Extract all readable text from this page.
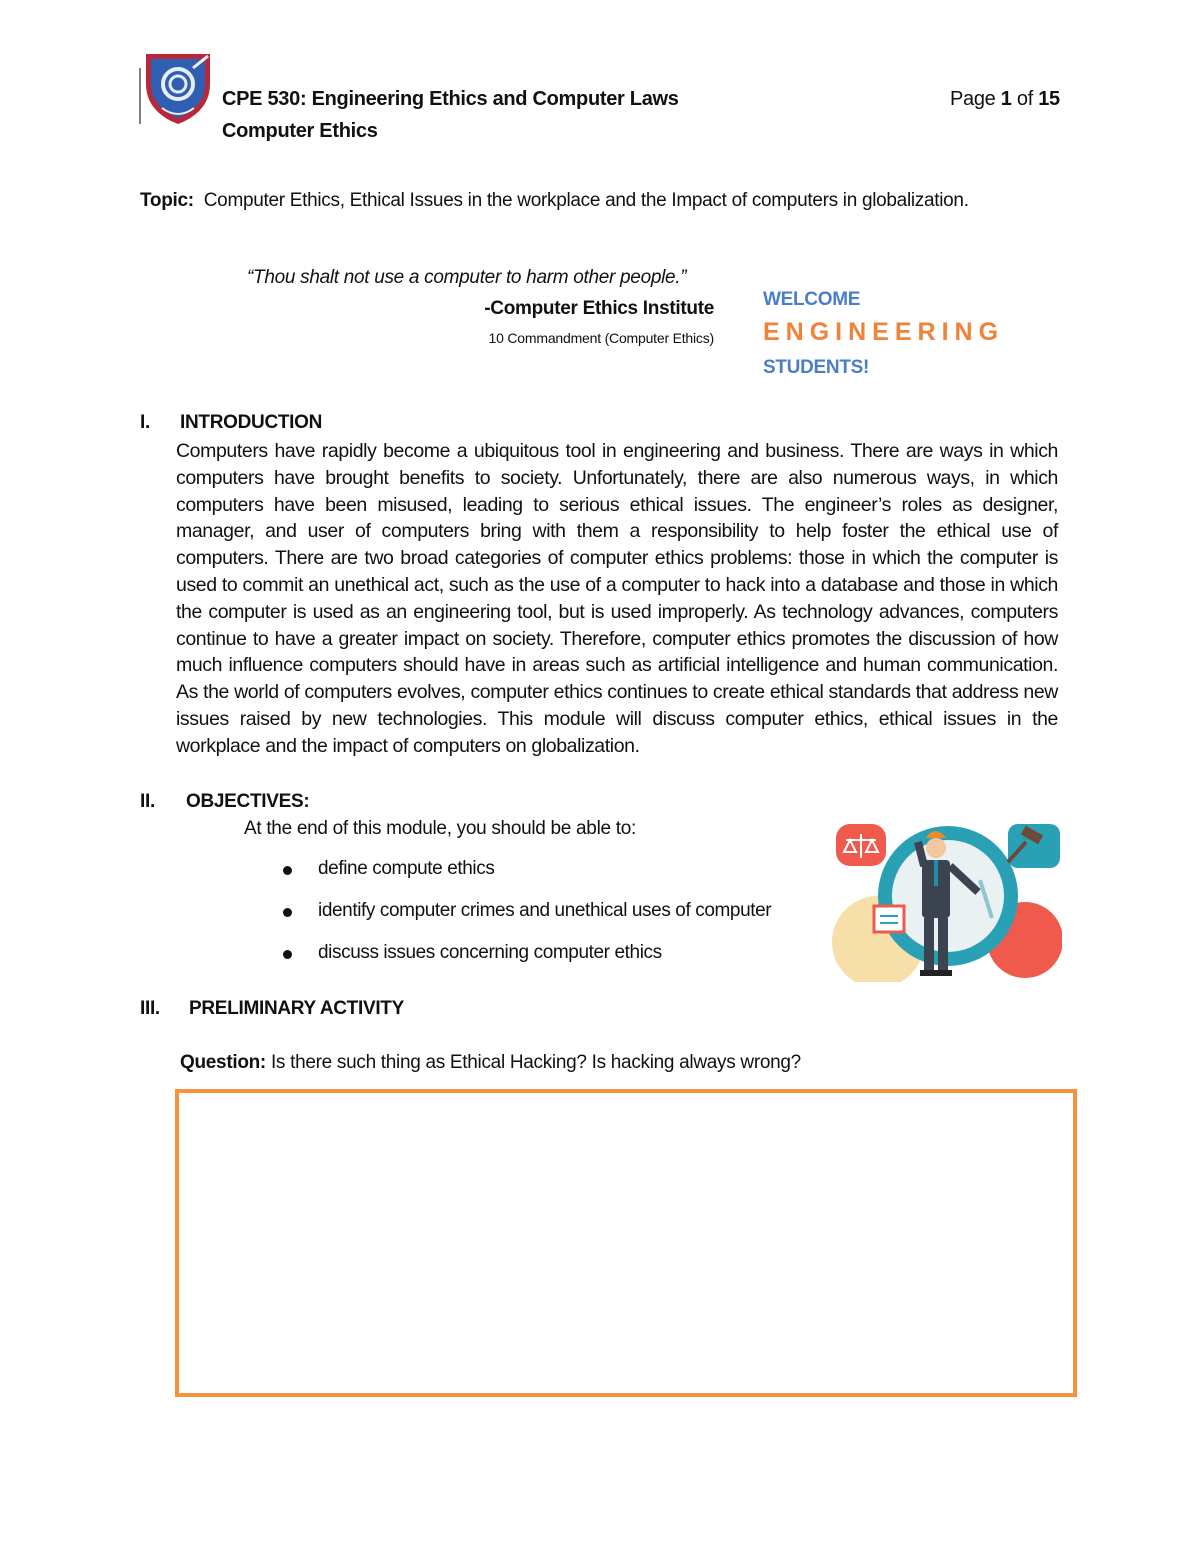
CPE 530: Engineering Ethics and Computer Laws
Computer Ethics
Page 1 of 15
Topic: Computer Ethics, Ethical Issues in the workplace and the Impact of computers in globalization.
“Thou shalt not use a computer to harm other people.”
-Computer Ethics Institute
10 Commandment (Computer Ethics)
WELCOME
ENGINEERING
STUDENTS!
I. INTRODUCTION
Computers have rapidly become a ubiquitous tool in engineering and business. There are ways in which computers have brought benefits to society. Unfortunately, there are also numerous ways, in which computers have been misused, leading to serious ethical issues. The engineer’s roles as designer, manager, and user of computers bring with them a responsibility to help foster the ethical use of computers. There are two broad categories of computer ethics problems: those in which the computer is used to commit an unethical act, such as the use of a computer to hack into a database and those in which the computer is used as an engineering tool, but is used improperly. As technology advances, computers continue to have a greater impact on society. Therefore, computer ethics promotes the discussion of how much influence computers should have in areas such as artificial intelligence and human communication. As the world of computers evolves, computer ethics continues to create ethical standards that address new issues raised by new technologies. This module will discuss computer ethics, ethical issues in the workplace and the impact of computers on globalization.
II. OBJECTIVES:
At the end of this module, you should be able to:
define compute ethics
identify computer crimes and unethical uses of computer
discuss issues concerning computer ethics
III. PRELIMINARY ACTIVITY
Question: Is there such thing as Ethical Hacking? Is hacking always wrong?
